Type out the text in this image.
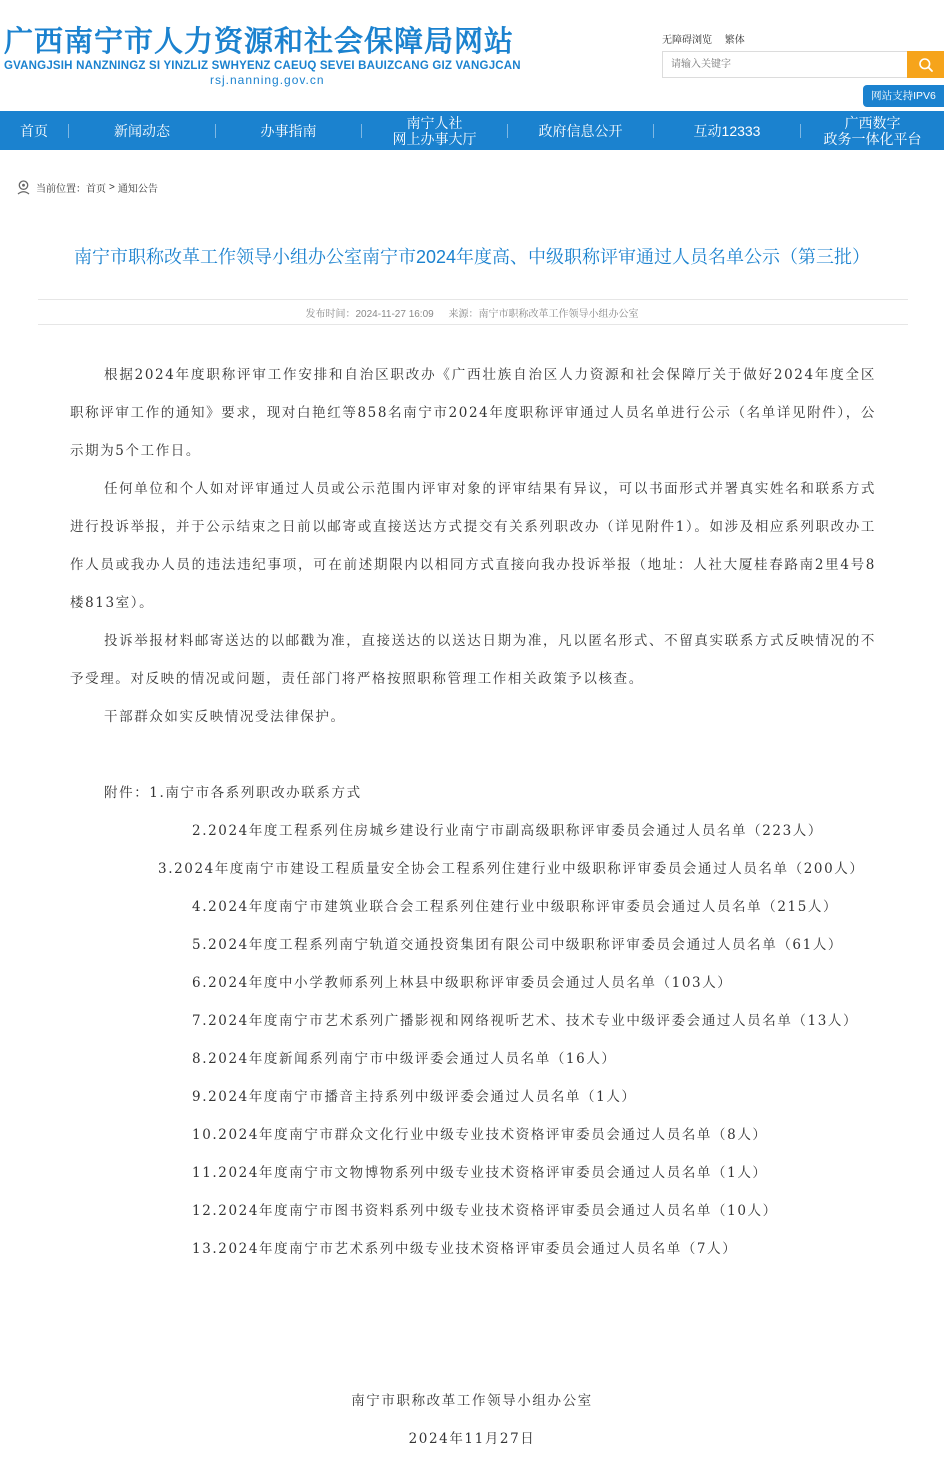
广西南宁市人力资源和社会保障局网站
GVANGJSIH NANZNINGZ SI YINZLIZ SWHYENZ CAEUQ SEVEI BAUIZCANG GIZ VANGJCAN
rsj.nanning.gov.cn
无障碍浏览 繁体
请输入关键字
网站支持IPV6
首页	新闻动态	办事指南	南宁人社
网上办事大厅	政府信息公开	互动12333	广西数字
政务一体化平台
当前位置： 首页 > 通知公告
南宁市职称改革工作领导小组办公室南宁市2024年度高、中级职称评审通过人员名单公示（第三批）
发布时间：2024-11-27 16:09 来源：南宁市职称改革工作领导小组办公室

根据2024年度职称评审工作安排和自治区职改办《广西壮族自治区人力资源和社会保障厅关于做好2024年度全区职称评审工作的通知》要求，现对白艳红等858名南宁市2024年度职称评审通过人员名单进行公示（名单详见附件），公示期为5个工作日。

任何单位和个人如对评审通过人员或公示范围内评审对象的评审结果有异议，可以书面形式并署真实姓名和联系方式进行投诉举报，并于公示结束之日前以邮寄或直接送达方式提交有关系列职改办（详见附件1）。如涉及相应系列职改办工作人员或我办人员的违法违纪事项，可在前述期限内以相同方式直接向我办投诉举报（地址：人社大厦桂春路南2里4号8楼813室）。

投诉举报材料邮寄送达的以邮戳为准，直接送达的以送达日期为准，凡以匿名形式、不留真实联系方式反映情况的不予受理。对反映的情况或问题，责任部门将严格按照职称管理工作相关政策予以核查。

干部群众如实反映情况受法律保护。

附件：1.南宁市各系列职改办联系方式

2.2024年度工程系列住房城乡建设行业南宁市副高级职称评审委员会通过人员名单（223人）

3.2024年度南宁市建设工程质量安全协会工程系列住建行业中级职称评审委员会通过人员名单（200人）

4.2024年度南宁市建筑业联合会工程系列住建行业中级职称评审委员会通过人员名单（215人）

5.2024年度工程系列南宁轨道交通投资集团有限公司中级职称评审委员会通过人员名单（61人）

6.2024年度中小学教师系列上林县中级职称评审委员会通过人员名单（103人）

7.2024年度南宁市艺术系列广播影视和网络视听艺术、技术专业中级评委会通过人员名单（13人）

8.2024年度新闻系列南宁市中级评委会通过人员名单（16人）

9.2024年度南宁市播音主持系列中级评委会通过人员名单（1人）

10.2024年度南宁市群众文化行业中级专业技术资格评审委员会通过人员名单（8人）

11.2024年度南宁市文物博物系列中级专业技术资格评审委员会通过人员名单（1人）

12.2024年度南宁市图书资料系列中级专业技术资格评审委员会通过人员名单（10人）

13.2024年度南宁市艺术系列中级专业技术资格评审委员会通过人员名单（7人）

南宁市职称改革工作领导小组办公室
2024年11月27日
